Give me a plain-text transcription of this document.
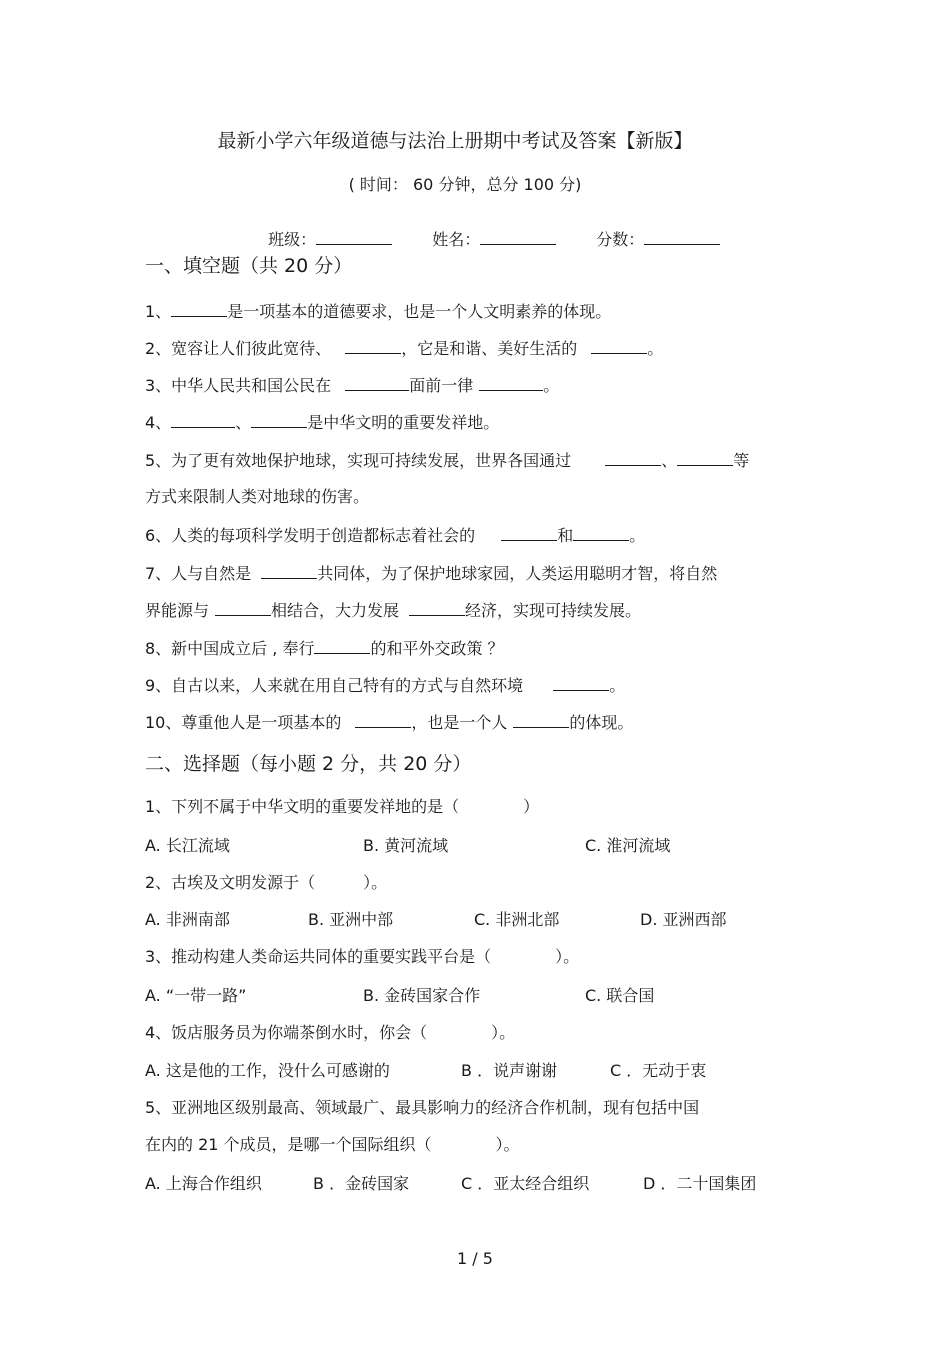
最新小学六年级道德与法治上册期中考试及答案【新版】
( 时间： 60 分钟，总分 100 分)

班级：	姓名：	分数：

一、填空题（共 20 分）
1、	是一项基本的道德要求，也是一个人文明素养的体现。
2、宽容让人们彼此宽待、	，它是和谐、美好生活的	。
3、中华人民共和国公民在	面前一律	。
4、	、	是中华文明的重要发祥地。
5、为了更有效地保护地球，实现可持续发展，世界各国通过	、	等
方式来限制人类对地球的伤害。
6、人类的每项科学发明于创造都标志着社会的	和	。
7、人与自然是	共同体，为了保护地球家园，人类运用聪明才智，将自然
界能源与	相结合，大力发展	经济，实现可持续发展。
8、新中国成立后 , 奉行	的和平外交政策 ？
9、自古以来，人来就在用自己特有的方式与自然环境	。
10、尊重他人是一项基本的	，也是一个人	的体现。
二、选择题（每小题 2 分，共 20 分）
1、下列不属于中华文明的重要发祥地的是（　　　　）
A. 长江流域	B. 黄河流域	C. 淮河流域
2、古埃及文明发源于（　　　）。
A. 非洲南部	B. 亚洲中部	C. 非洲北部	D. 亚洲西部
3、推动构建人类命运共同体的重要实践平台是（　　　　）。
A. “一带一路”	B. 金砖国家合作	C. 联合国
4、饭店服务员为你端茶倒水时，你会（　　　　）。
A. 这是他的工作，没什么可感谢的	B ．说声谢谢	C ．无动于衷
5、亚洲地区级别最高、领域最广、最具影响力的经济合作机制，现有包括中国
在内的 21 个成员，是哪一个国际组织（　　　　）。
A. 上海合作组织	B ．金砖国家	C ．亚太经合组织	D ．二十国集团
1 / 5
